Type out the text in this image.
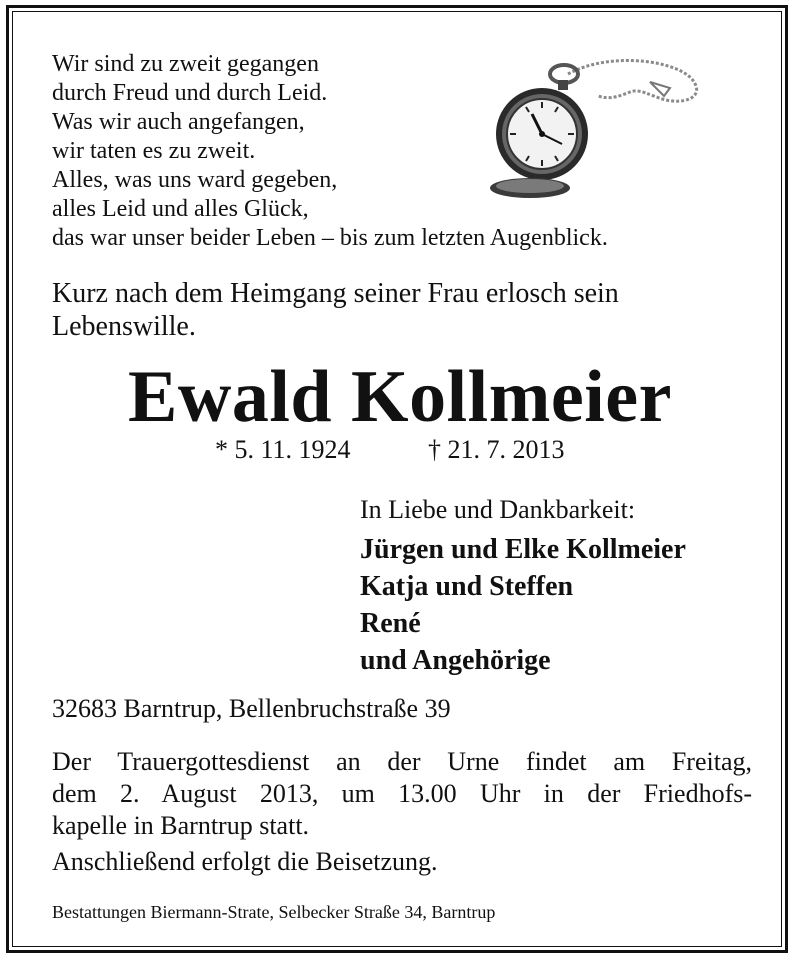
Wir sind zu zweit gegangen
durch Freud und durch Leid.
Was wir auch angefangen,
wir taten es zu zweit.
Alles, was uns ward gegeben,
alles Leid und alles Glück,
das war unser beider Leben – bis zum letzten Augenblick.
Kurz nach dem Heimgang seiner Frau erlosch sein
Lebenswille.
Ewald Kollmeier
* 5. 11. 1924	† 21. 7. 2013
In Liebe und Dankbarkeit:
Jürgen und Elke Kollmeier
Katja und Steffen
René
und Angehörige
32683 Barntrup, Bellenbruchstraße 39
Der Trauergottesdienst an der Urne findet am Freitag,
dem 2. August 2013, um 13.00 Uhr in der Friedhofs-
kapelle in Barntrup statt.
Anschließend erfolgt die Beisetzung.
Bestattungen Biermann-Strate, Selbecker Straße 34, Barntrup
